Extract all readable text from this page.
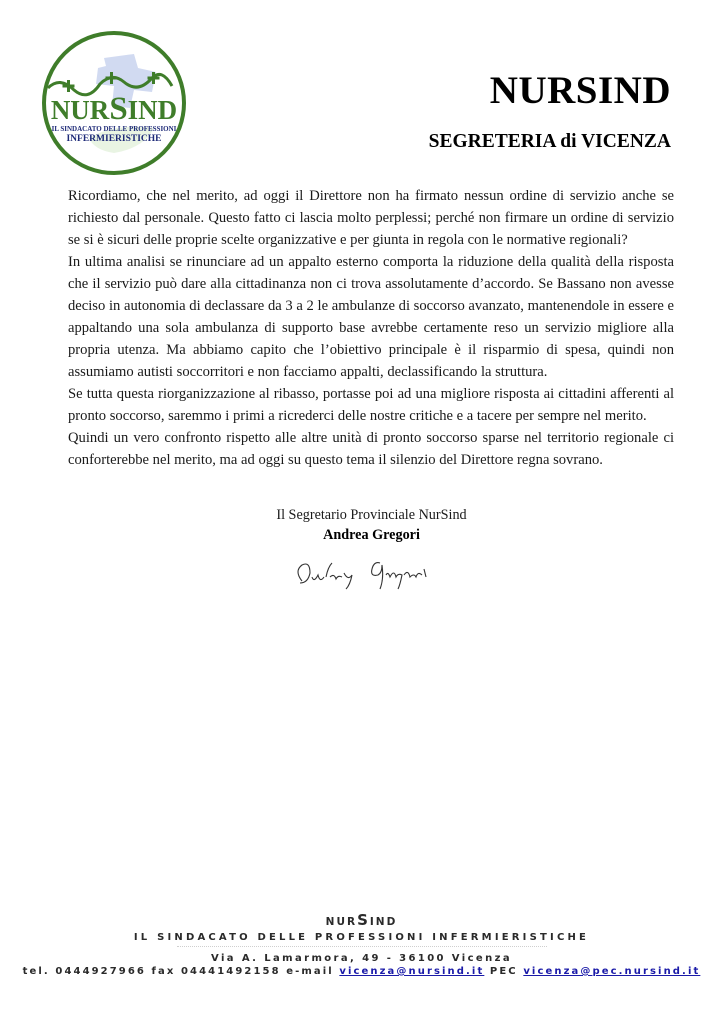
NURSIND
IL SINDACATO DELLE PROFESSIONI
INFERMIERISTICHE
NURSIND
SEGRETERIA di VICENZA

Ricordiamo, che nel merito, ad oggi il Direttore non ha firmato nessun ordine di servizio anche se richiesto dal personale. Questo fatto ci lascia molto perplessi; perché non firmare un ordine di servizio se si è sicuri delle proprie scelte organizzative e per giunta in regola con le normative regionali?

In ultima analisi se rinunciare ad un appalto esterno comporta la riduzione della qualità della risposta che il servizio può dare alla cittadinanza non ci trova assolutamente d’accordo. Se Bassano non avesse deciso in autonomia di declassare da 3 a 2 le ambulanze di soccorso avanzato, mantenendole in essere e appaltando una sola ambulanza di supporto base avrebbe certamente reso un servizio migliore alla propria utenza. Ma abbiamo capito che l’obiettivo principale è il risparmio di spesa, quindi non assumiamo autisti soccorritori e non facciamo appalti, declassificando la struttura.

Se tutta questa riorganizzazione al ribasso, portasse poi ad una migliore risposta ai cittadini afferenti al pronto soccorso, saremmo i primi a ricrederci delle nostre critiche e a tacere per sempre nel merito.

Quindi un vero confronto rispetto alle altre unità di pronto soccorso sparse nel territorio regionale ci conforterebbe nel merito, ma ad oggi su questo tema il silenzio del Direttore regna sovrano.

Il Segretario Provinciale NurSind
Andrea Gregori
NURSIND
IL SINDACATO DELLE PROFESSIONI INFERMIERISTICHE
Via A. Lamarmora, 49 - 36100 Vicenza
tel. 0444927966 fax 04441492158 e-mail vicenza@nursind.it PEC vicenza@pec.nursind.it
